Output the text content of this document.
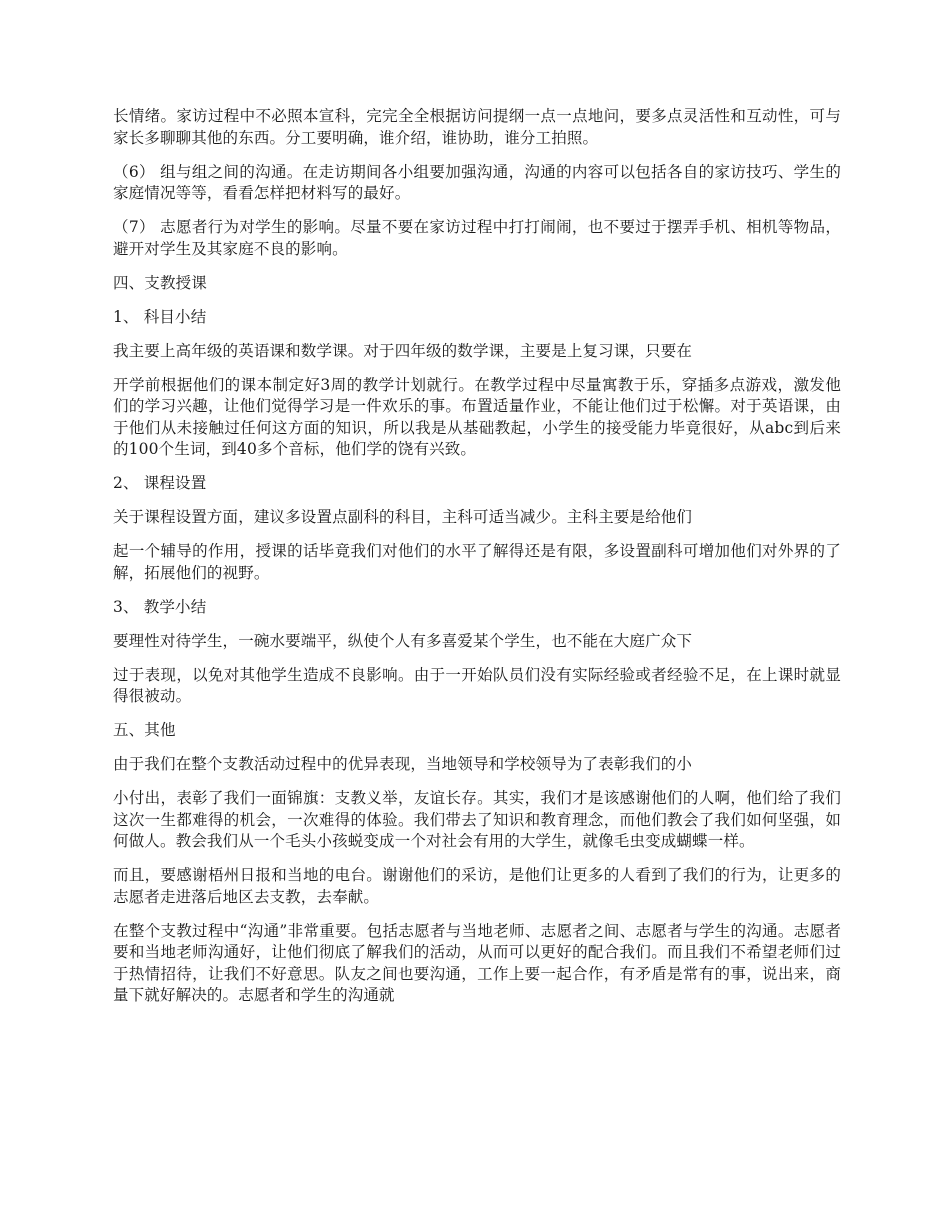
长情绪。家访过程中不必照本宣科，完完全全根据访问提纲一点一点地问，要多点灵活性和互动性，可与家长多聊聊其他的东西。分工要明确，谁介绍，谁协助，谁分工拍照。

（6） 组与组之间的沟通。在走访期间各小组要加强沟通，沟通的内容可以包括各自的家访技巧、学生的家庭情况等等，看看怎样把材料写的最好。

（7） 志愿者行为对学生的影响。尽量不要在家访过程中打打闹闹，也不要过于摆弄手机、相机等物品，避开对学生及其家庭不良的影响。

四、支教授课

1、 科目小结

我主要上高年级的英语课和数学课。对于四年级的数学课，主要是上复习课，只要在

开学前根据他们的课本制定好3周的教学计划就行。在教学过程中尽量寓教于乐，穿插多点游戏，激发他们的学习兴趣，让他们觉得学习是一件欢乐的事。布置适量作业，不能让他们过于松懈。对于英语课，由于他们从未接触过任何这方面的知识，所以我是从基础教起，小学生的接受能力毕竟很好，从abc到后来的100个生词，到40多个音标，他们学的饶有兴致。

2、 课程设置

关于课程设置方面，建议多设置点副科的科目，主科可适当减少。主科主要是给他们

起一个辅导的作用，授课的话毕竟我们对他们的水平了解得还是有限，多设置副科可增加他们对外界的了解，拓展他们的视野。

3、 教学小结

要理性对待学生，一碗水要端平，纵使个人有多喜爱某个学生，也不能在大庭广众下

过于表现，以免对其他学生造成不良影响。由于一开始队员们没有实际经验或者经验不足，在上课时就显得很被动。

五、其他

由于我们在整个支教活动过程中的优异表现，当地领导和学校领导为了表彰我们的小

小付出，表彰了我们一面锦旗：支教义举，友谊长存。其实，我们才是该感谢他们的人啊，他们给了我们这次一生都难得的机会，一次难得的体验。我们带去了知识和教育理念，而他们教会了我们如何坚强，如何做人。教会我们从一个毛头小孩蜕变成一个对社会有用的大学生，就像毛虫变成蝴蝶一样。

而且，要感谢梧州日报和当地的电台。谢谢他们的采访，是他们让更多的人看到了我们的行为，让更多的志愿者走进落后地区去支教，去奉献。

在整个支教过程中“沟通”非常重要。包括志愿者与当地老师、志愿者之间、志愿者与学生的沟通。志愿者要和当地老师沟通好，让他们彻底了解我们的活动，从而可以更好的配合我们。而且我们不希望老师们过于热情招待，让我们不好意思。队友之间也要沟通，工作上要一起合作，有矛盾是常有的事，说出来，商量下就好解决的。志愿者和学生的沟通就
